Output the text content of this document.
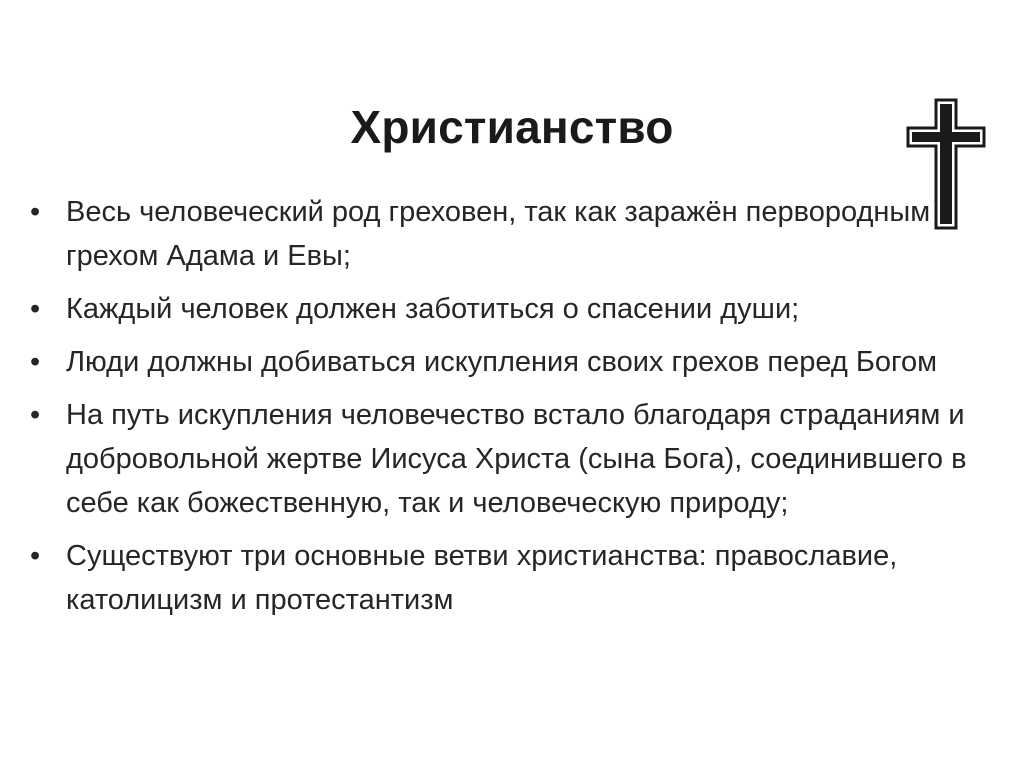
Христианство
• Весь человеческий род греховен, так как заражён первородным грехом Адама и Евы;
• Каждый человек должен заботиться о спасении души;
• Люди должны добиваться искупления своих грехов перед Богом
• На путь искупления человечество встало благодаря страданиям и добровольной жертве Иисуса Христа (сына Бога), соединившего в себе как божественную, так и человеческую природу;
• Существуют три основные ветви христианства: православие, католицизм и протестантизм
